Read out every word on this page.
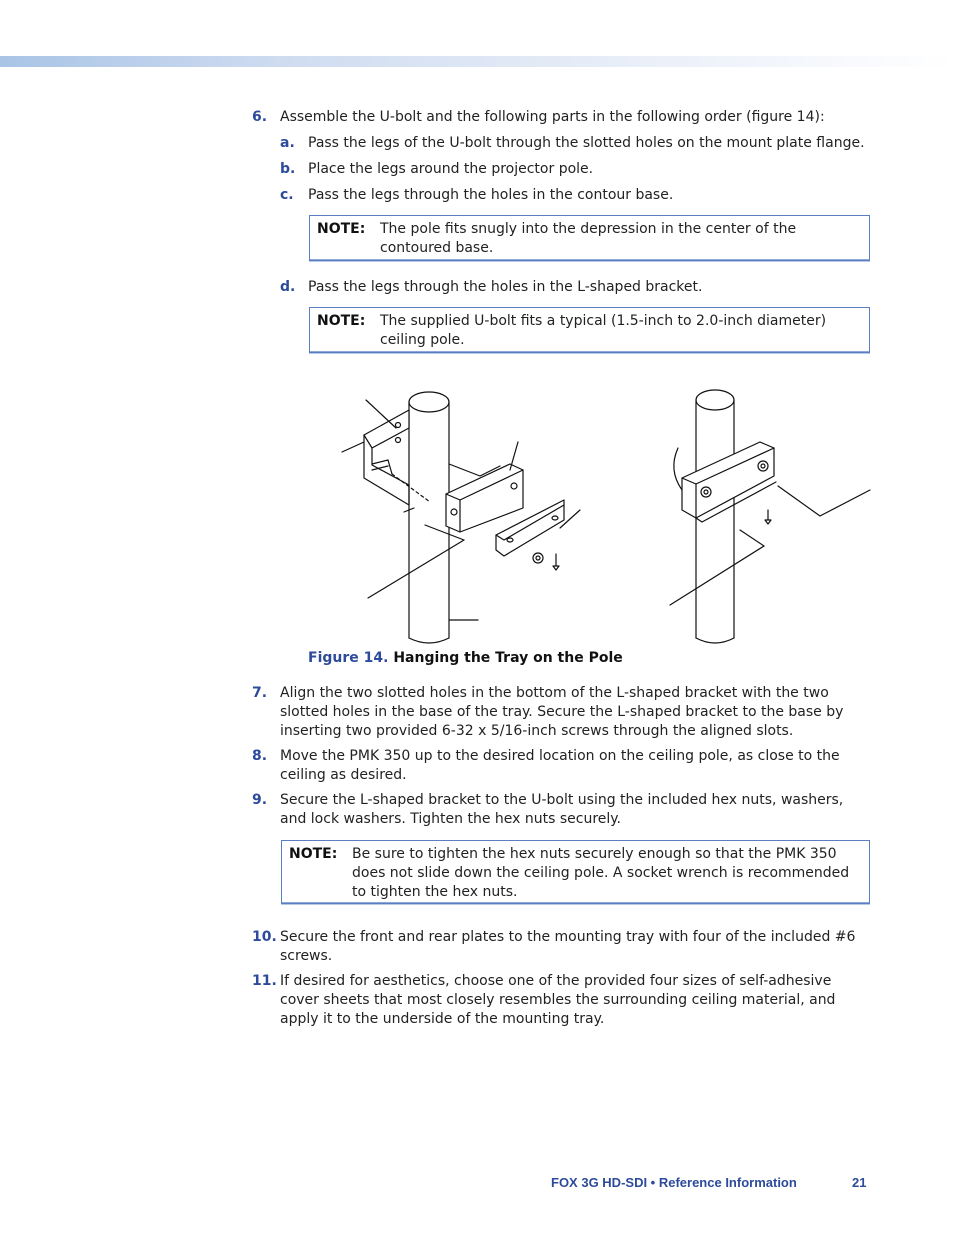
6. Assemble the U-bolt and the following parts in the following order (figure 14):
a. Pass the legs of the U-bolt through the slotted holes on the mount plate flange.
b. Place the legs around the projector pole.
c. Pass the legs through the holes in the contour base.
NOTE: The pole fits snugly into the depression in the center of the contoured base.
d. Pass the legs through the holes in the L-shaped bracket.
NOTE: The supplied U-bolt fits a typical (1.5-inch to 2.0-inch diameter) ceiling pole.
Figure 14. Hanging the Tray on the Pole
7. Align the two slotted holes in the bottom of the L-shaped bracket with the two slotted holes in the base of the tray. Secure the L-shaped bracket to the base by inserting two provided 6-32 x 5/16-inch screws through the aligned slots.
8. Move the PMK 350 up to the desired location on the ceiling pole, as close to the ceiling as desired.
9. Secure the L-shaped bracket to the U-bolt using the included hex nuts, washers, and lock washers. Tighten the hex nuts securely.
NOTE: Be sure to tighten the hex nuts securely enough so that the PMK 350 does not slide down the ceiling pole. A socket wrench is recommended to tighten the hex nuts.
10. Secure the front and rear plates to the mounting tray with four of the included #6 screws.
11. If desired for aesthetics, choose one of the provided four sizes of self-adhesive cover sheets that most closely resembles the surrounding ceiling material, and apply it to the underside of the mounting tray.
FOX 3G HD-SDI • Reference Information	21
